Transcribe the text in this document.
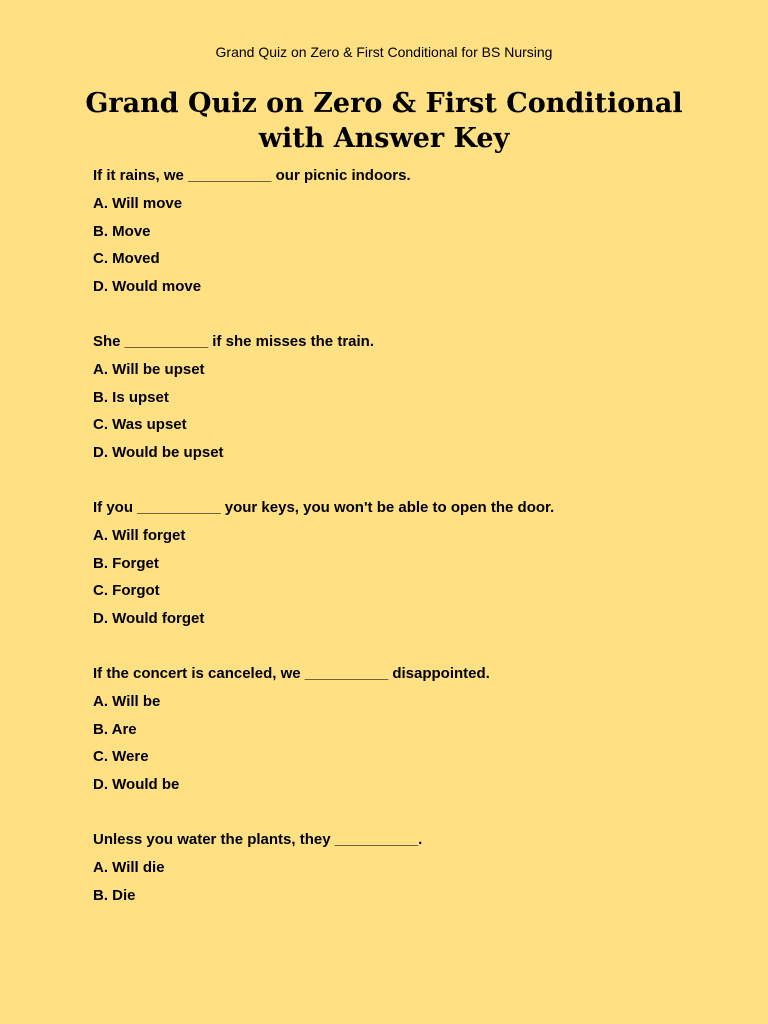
Grand Quiz on Zero & First Conditional for BS Nursing
Grand Quiz on Zero & First Conditional
with Answer Key
If it rains, we __________ our picnic indoors.
A. Will move
B. Move
C. Moved
D. Would move
She __________ if she misses the train.
A. Will be upset
B. Is upset
C. Was upset
D. Would be upset
If you __________ your keys, you won't be able to open the door.
A. Will forget
B. Forget
C. Forgot
D. Would forget
If the concert is canceled, we __________ disappointed.
A. Will be
B. Are
C. Were
D. Would be
Unless you water the plants, they __________.
A. Will die
B. Die
